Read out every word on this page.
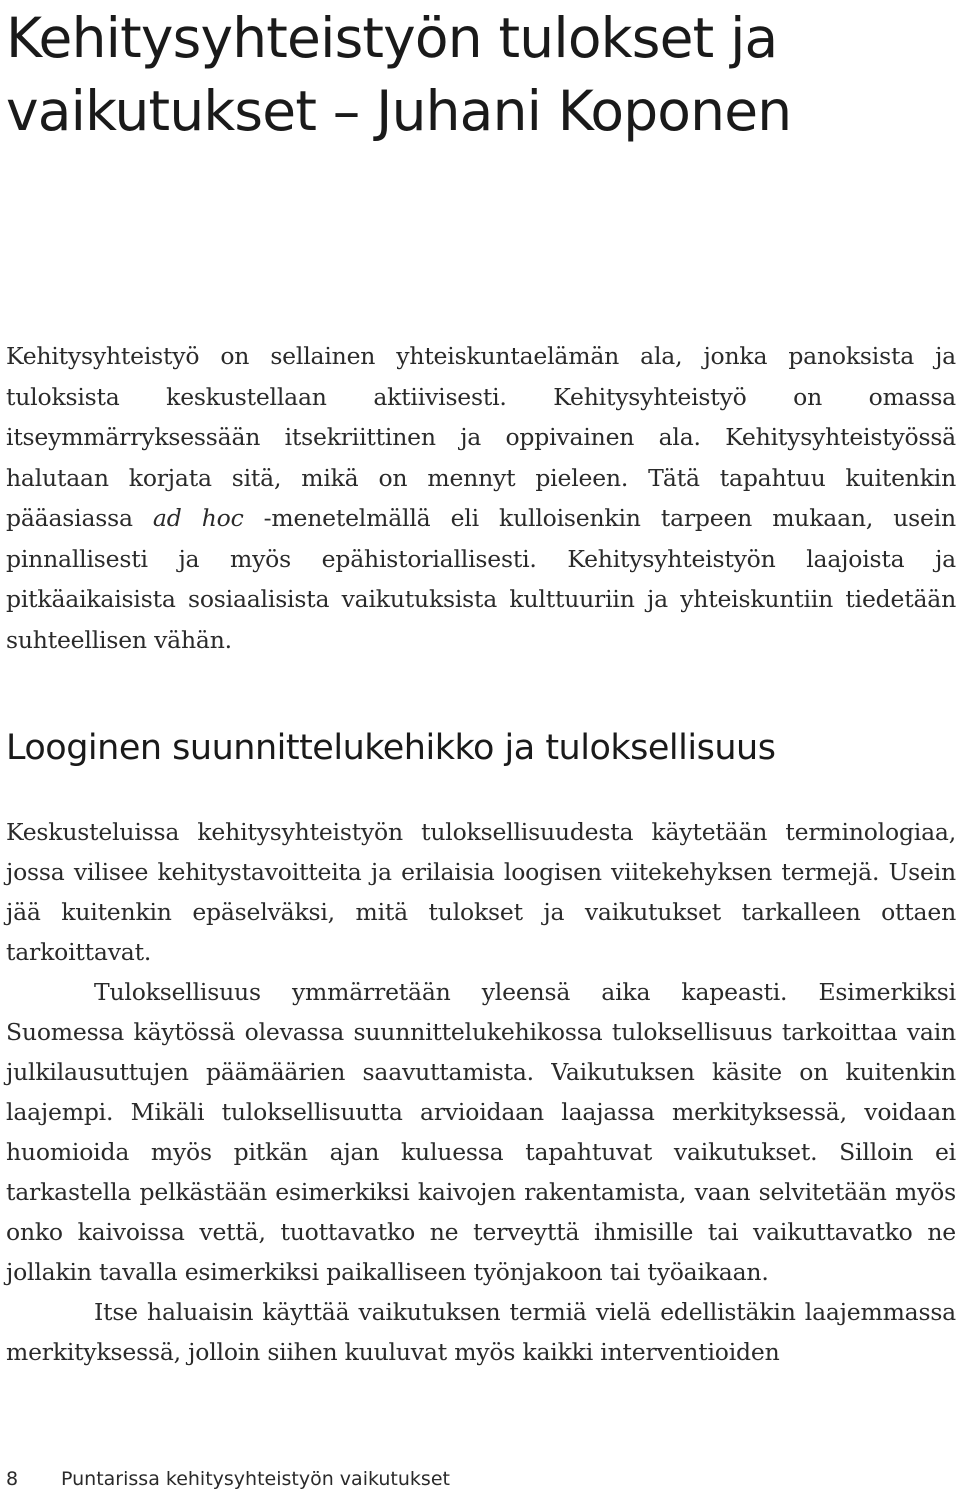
Kehitysyhteistyön tulokset ja vaikutukset – Juhani Koponen

Kehitysyhteistyö on sellainen yhteiskuntaelämän ala, jonka panoksista ja tuloksista keskustellaan aktiivisesti. Kehitysyhteistyö on omassa itseymmärryksessään itsekriittinen ja oppivainen ala. Kehitysyhteistyössä halutaan korjata sitä, mikä on mennyt pieleen. Tätä tapahtuu kuitenkin pääasiassa ad hoc -menetelmällä eli kulloisenkin tarpeen mukaan, usein pinnallisesti ja myös epähistoriallisesti. Kehitysyhteistyön laajoista ja pitkäaikaisista sosiaalisista vaikutuksista kulttuuriin ja yhteiskuntiin tiedetään suhteellisen vähän.

Looginen suunnittelukehikko ja tuloksellisuus

Keskusteluissa kehitysyhteistyön tuloksellisuudesta käytetään terminologiaa, jossa vilisee kehitystavoitteita ja erilaisia loogisen viitekehyksen termejä. Usein jää kuitenkin epäselväksi, mitä tulokset ja vaikutukset tarkalleen ottaen tarkoittavat.

Tuloksellisuus ymmärretään yleensä aika kapeasti. Esimerkiksi Suomessa käytössä olevassa suunnittelukehikossa tuloksellisuus tarkoittaa vain julkilausuttujen päämäärien saavuttamista. Vaikutuksen käsite on kuitenkin laajempi. Mikäli tuloksellisuutta arvioidaan laajassa merkityksessä, voidaan huomioida myös pitkän ajan kuluessa tapahtuvat vaikutukset. Silloin ei tarkastella pelkästään esimerkiksi kaivojen rakentamista, vaan selvitetään myös onko kaivoissa vettä, tuottavatko ne terveyttä ihmisille tai vaikuttavatko ne jollakin tavalla esimerkiksi paikalliseen työnjakoon tai työaikaan.

Itse haluaisin käyttää vaikutuksen termiä vielä edellistäkin laajemmassa merkityksessä, jolloin siihen kuuluvat myös kaikki interventioiden

8 Puntarissa kehitysyhteistyön vaikutukset
